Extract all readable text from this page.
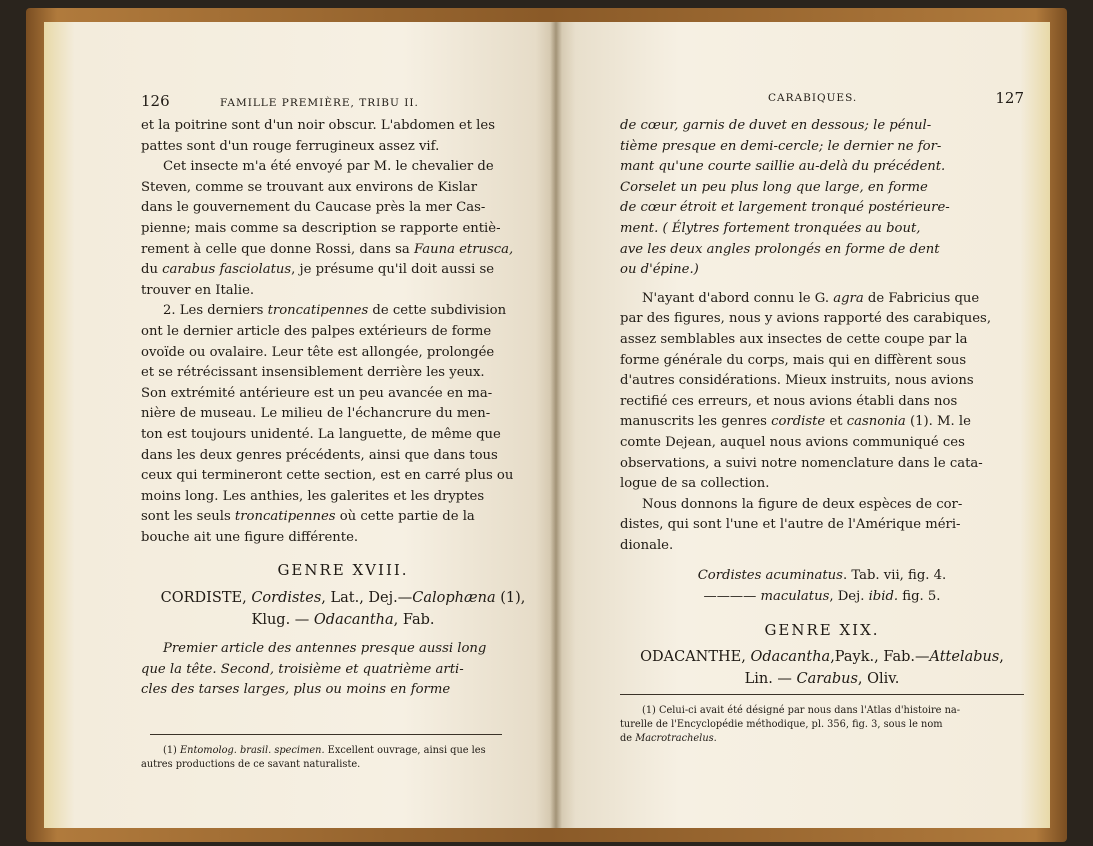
126	FAMILLE PREMIÈRE, TRIBU II.

et la poitrine sont d'un noir obscur. L'abdomen et les
pattes sont d'un rouge ferrugineux assez vif.

Cet insecte m'a été envoyé par M. le chevalier de
Steven, comme se trouvant aux environs de Kislar
dans le gouvernement du Caucase près la mer Cas-
pienne; mais comme sa description se rapporte entiè-
rement à celle que donne Rossi, dans sa Fauna etrusca,
du carabus fasciolatus, je présume qu'il doit aussi se
trouver en Italie.

2. Les derniers troncatipennes de cette subdivision
ont le dernier article des palpes extérieurs de forme
ovoïde ou ovalaire. Leur tête est allongée, prolongée
et se rétrécissant insensiblement derrière les yeux.
Son extrémité antérieure est un peu avancée en ma-
nière de museau. Le milieu de l'échancrure du men-
ton est toujours unidenté. La languette, de même que
dans les deux genres précédents, ainsi que dans tous
ceux qui termineront cette section, est en carré plus ou
moins long. Les anthies, les galerites et les dryptes
sont les seuls troncatipennes où cette partie de la
bouche ait une figure différente.

GENRE XVIII.

CORDISTE, Cordistes, Lat., Dej.—Calophæna (1),
Klug. — Odacantha, Fab.

Premier article des antennes presque aussi long
que la tête. Second, troisième et quatrième arti-
cles des tarses larges, plus ou moins en forme

(1) Entomolog. brasil. specimen. Excellent ouvrage, ainsi que les
autres productions de ce savant naturaliste.

CARABIQUES.	127

de cœur, garnis de duvet en dessous; le pénul-
tième presque en demi-cercle; le dernier ne for-
mant qu'une courte saillie au-delà du précédent.
Corselet un peu plus long que large, en forme
de cœur étroit et largement tronqué postérieure-
ment. ( Élytres fortement tronquées au bout,
ave les deux angles prolongés en forme de dent
ou d'épine.)

N'ayant d'abord connu le G. agra de Fabricius que
par des figures, nous y avions rapporté des carabiques,
assez semblables aux insectes de cette coupe par la
forme générale du corps, mais qui en diffèrent sous
d'autres considérations. Mieux instruits, nous avions
rectifié ces erreurs, et nous avions établi dans nos
manuscrits les genres cordiste et casnonia (1). M. le
comte Dejean, auquel nous avions communiqué ces
observations, a suivi notre nomenclature dans le cata-
logue de sa collection.

Nous donnons la figure de deux espèces de cor-
distes, qui sont l'une et l'autre de l'Amérique méri-
dionale.

Cordistes acuminatus. Tab. vii, fig. 4.
———— maculatus, Dej. ibid. fig. 5.

GENRE XIX.

ODACANTHE, Odacantha,Payk., Fab.—Attelabus,
Lin. — Carabus, Oliv.

(1) Celui-ci avait été désigné par nous dans l'Atlas d'histoire na-
turelle de l'Encyclopédie méthodique, pl. 356, fig. 3, sous le nom
de Macrotrachelus.
